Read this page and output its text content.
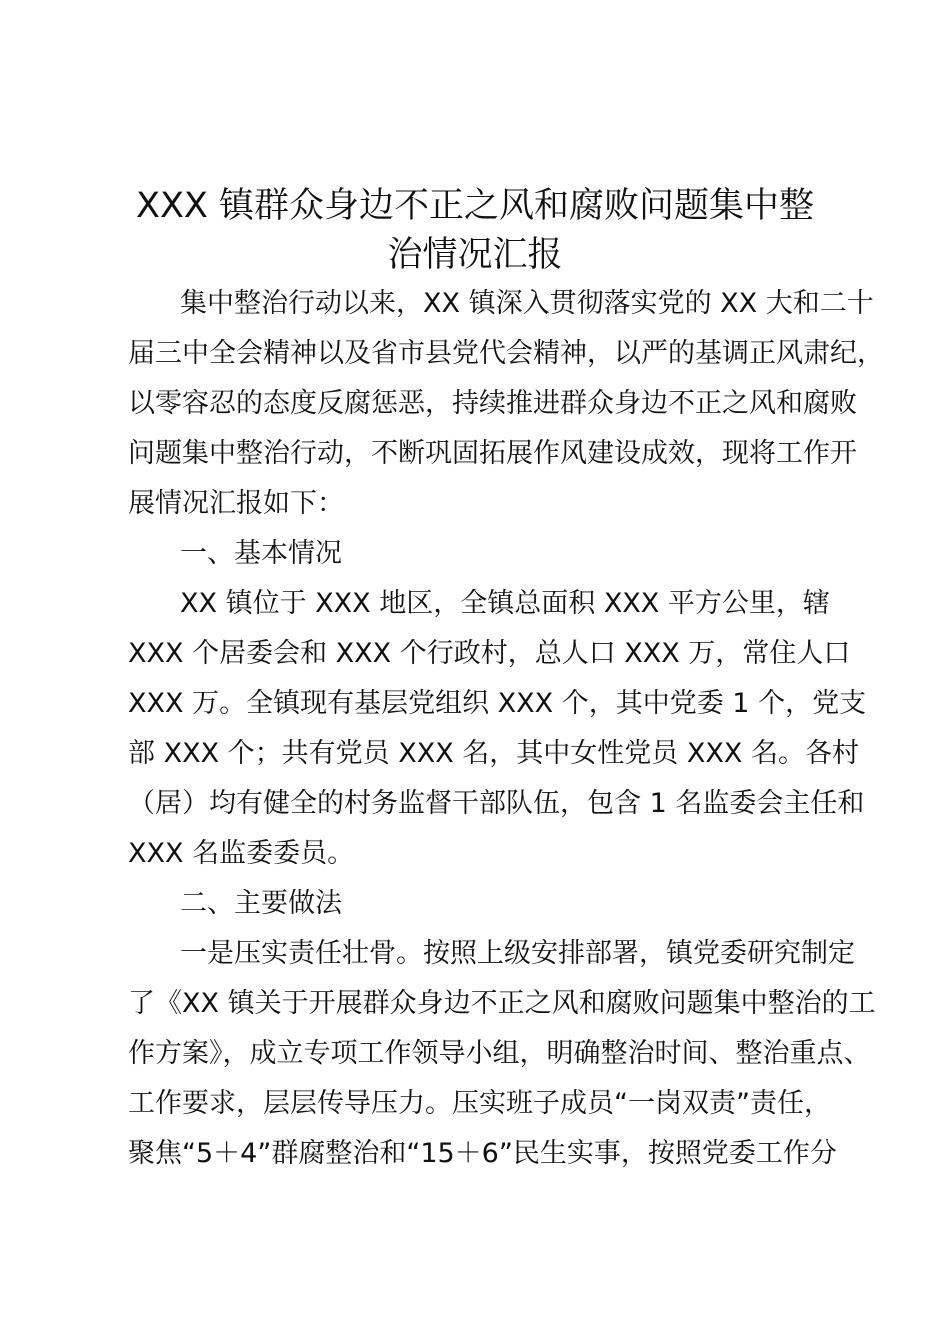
XXX 镇群众身边不正之风和腐败问题集中整
治情况汇报
集中整治行动以来，XX 镇深入贯彻落实党的 XX 大和二十
届三中全会精神以及省市县党代会精神，以严的基调正风肃纪，
以零容忍的态度反腐惩恶，持续推进群众身边不正之风和腐败
问题集中整治行动，不断巩固拓展作风建设成效，现将工作开
展情况汇报如下：
一、基本情况
XX 镇位于 XXX 地区，全镇总面积 XXX 平方公里，辖
XXX 个居委会和 XXX 个行政村，总人口 XXX 万，常住人口
XXX 万。全镇现有基层党组织 XXX 个，其中党委 1 个，党支
部 XXX 个；共有党员 XXX 名，其中女性党员 XXX 名。各村
（居）均有健全的村务监督干部队伍，包含 1 名监委会主任和
XXX 名监委委员。
二、主要做法
一是压实责任壮骨。按照上级安排部署，镇党委研究制定
了《XX 镇关于开展群众身边不正之风和腐败问题集中整治的工
作方案》，成立专项工作领导小组，明确整治时间、整治重点、
工作要求，层层传导压力。压实班子成员“一岗双责”责任，
聚焦“5＋4”群腐整治和“15＋6”民生实事，按照党委工作分
